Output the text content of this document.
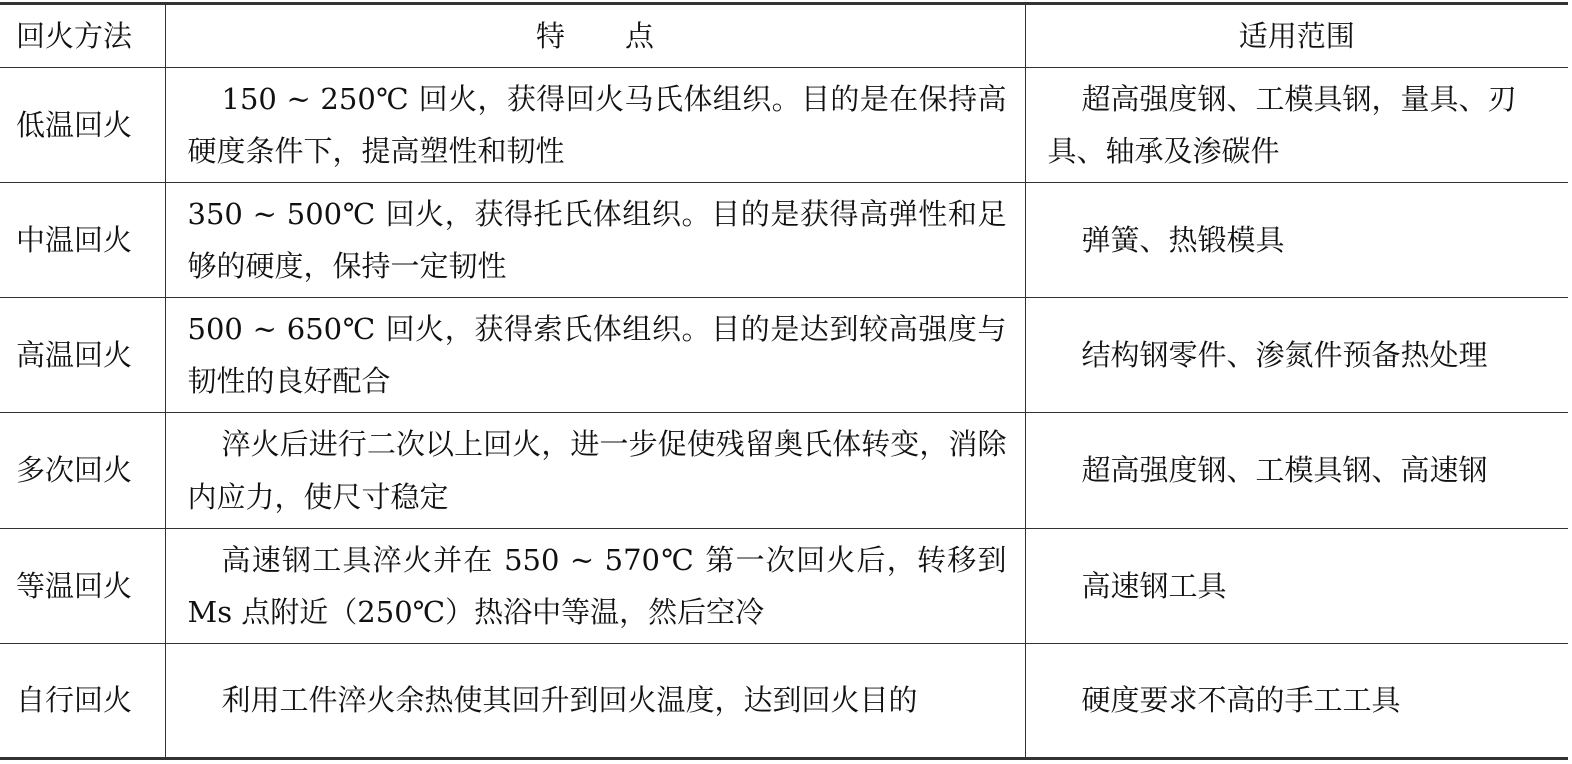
回火方法	特 点	适用范围
低温回火	150 ~ 250℃ 回火，获得回火马氏体组织。目的是在保持高硬度条件下，提高塑性和韧性	超高强度钢、工模具钢，量具、刃具、轴承及渗碳件

中温回火	350 ~ 500℃ 回火，获得托氏体组织。目的是获得高弹性和足够的硬度，保持一定韧性	弹簧、热锻模具

高温回火	500 ~ 650℃ 回火，获得索氏体组织。目的是达到较高强度与韧性的良好配合	结构钢零件、渗氮件预备热处理

多次回火	淬火后进行二次以上回火，进一步促使残留奥氏体转变，消除内应力，使尺寸稳定	超高强度钢、工模具钢、高速钢

等温回火	高速钢工具淬火并在 550 ~ 570℃ 第一次回火后，转移到 Ms 点附近（250℃）热浴中等温，然后空冷	高速钢工具

自行回火	利用工件淬火余热使其回升到回火温度，达到回火目的	硬度要求不高的手工工具
